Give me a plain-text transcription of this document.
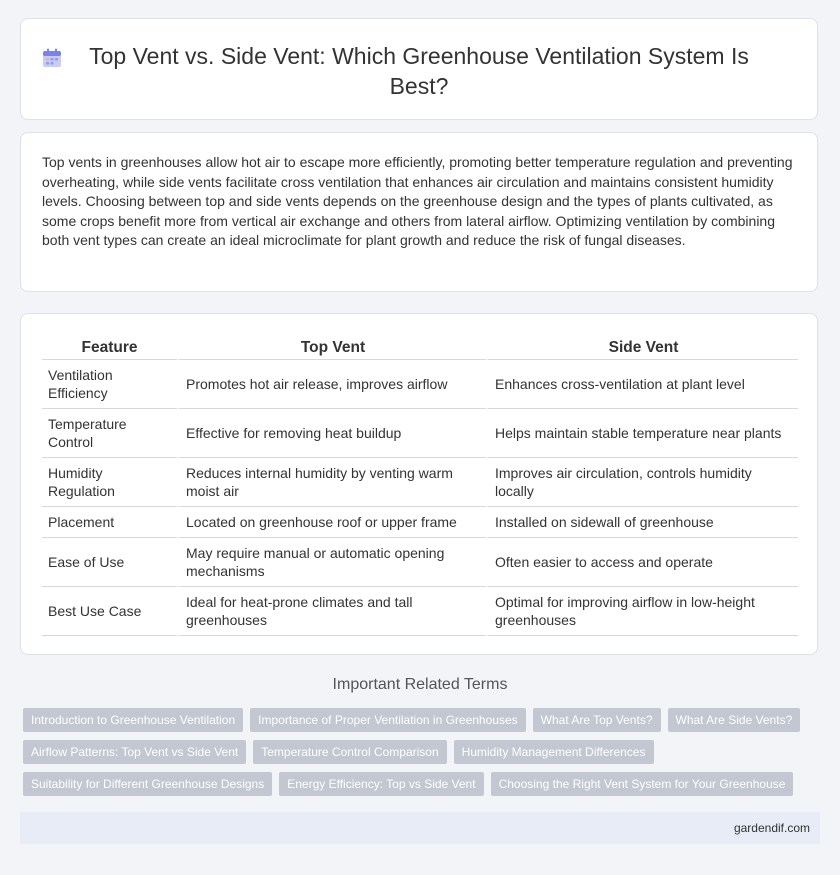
Top Vent vs. Side Vent: Which Greenhouse Ventilation System Is Best?

Top vents in greenhouses allow hot air to escape more efficiently, promoting better temperature regulation and preventing overheating, while side vents facilitate cross ventilation that enhances air circulation and maintains consistent humidity levels. Choosing between top and side vents depends on the greenhouse design and the types of plants cultivated, as some crops benefit more from vertical air exchange and others from lateral airflow. Optimizing ventilation by combining both vent types can create an ideal microclimate for plant growth and reduce the risk of fungal diseases.

Feature	Top Vent	Side Vent
Ventilation Efficiency	Promotes hot air release, improves airflow	Enhances cross-ventilation at plant level
Temperature Control	Effective for removing heat buildup	Helps maintain stable temperature near plants
Humidity Regulation	Reduces internal humidity by venting warm moist air	Improves air circulation, controls humidity locally
Placement	Located on greenhouse roof or upper frame	Installed on sidewall of greenhouse
Ease of Use	May require manual or automatic opening mechanisms	Often easier to access and operate
Best Use Case	Ideal for heat-prone climates and tall greenhouses	Optimal for improving airflow in low-height greenhouses
Important Related Terms
Introduction to Greenhouse Ventilation	Importance of Proper Ventilation in Greenhouses	What Are Top Vents?	What Are Side Vents?
Airflow Patterns: Top Vent vs Side Vent	Temperature Control Comparison	Humidity Management Differences
Suitability for Different Greenhouse Designs	Energy Efficiency: Top vs Side Vent	Choosing the Right Vent System for Your Greenhouse
gardendif.com
